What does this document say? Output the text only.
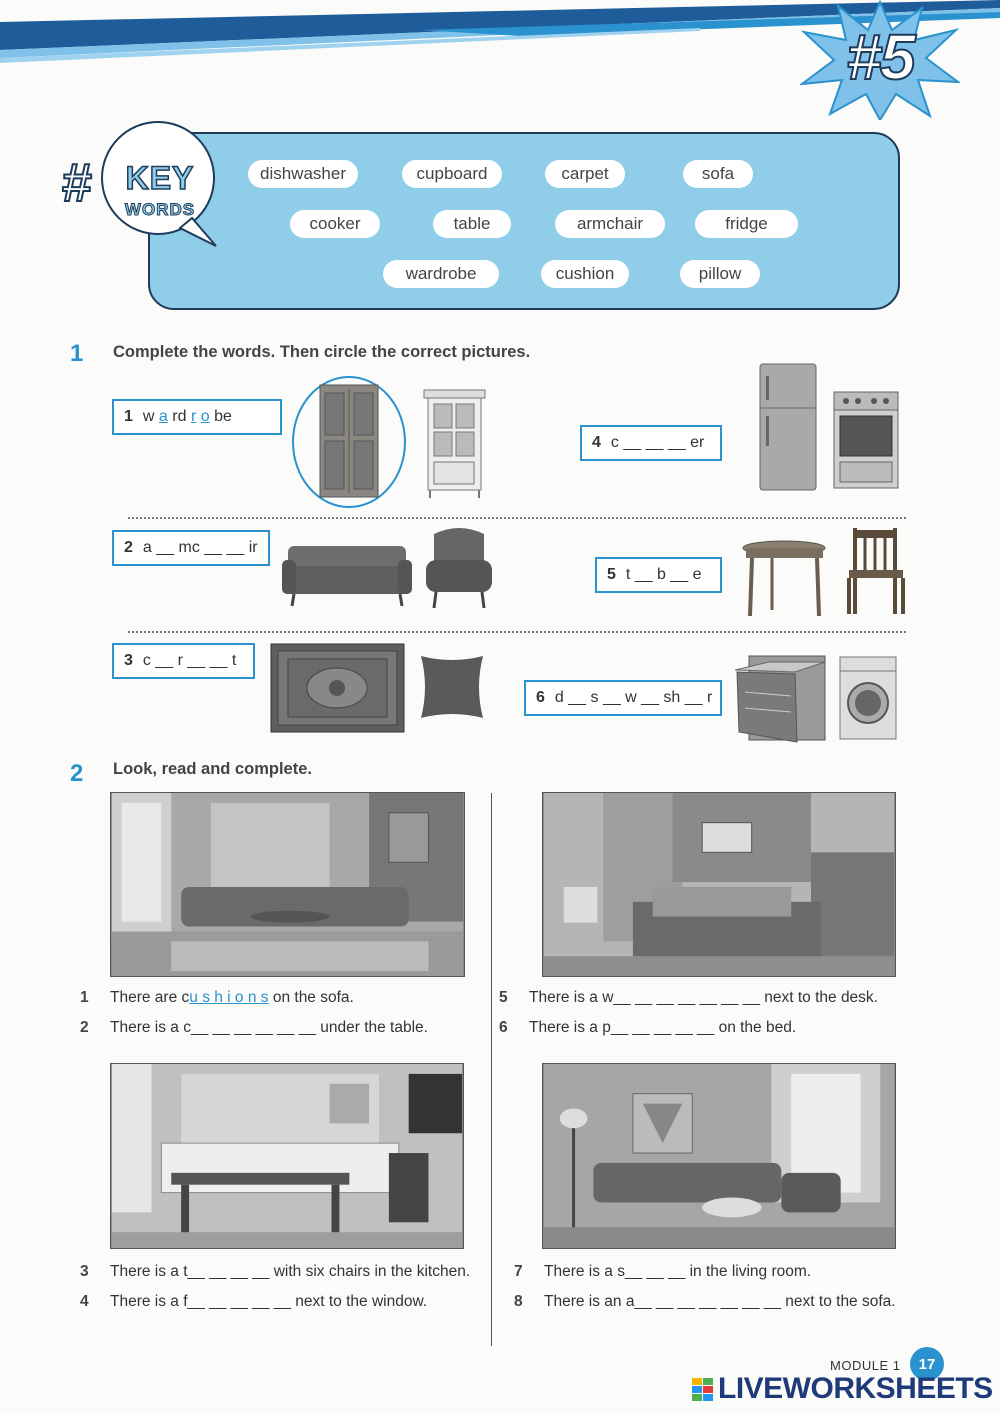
#5
#	KEY
WORDS
dishwasher	cupboard	carpet	sofa
cooker	table	armchair	fridge
wardrobe	cushion	pillow
1 Complete the words. Then circle the correct pictures.
1 w
a
rd
r
o
be
4 c __ __ __ er
2 a __ mc __ __ ir
5 t __ b __ e
3 c __ r __ __ t
6 d __ s __ w __ sh __ r
2 Look, read and complete.
1 There are cu s h i o n s on the sofa.
2 There is a c__ __ __ __ __ __ under the table.
5 There is a w__ __ __ __ __ __ __ next to the desk.
6 There is a p__ __ __ __ __ on the bed.
3 There is a t__ __ __ __ with six chairs in the kitchen.
4 There is a f__ __ __ __ __ next to the window.
7 There is a s__ __ __ in the living room.
8 There is an a__ __ __ __ __ __ __ next to the sofa.
MODULE 1	17
LIVEWORKSHEETS
